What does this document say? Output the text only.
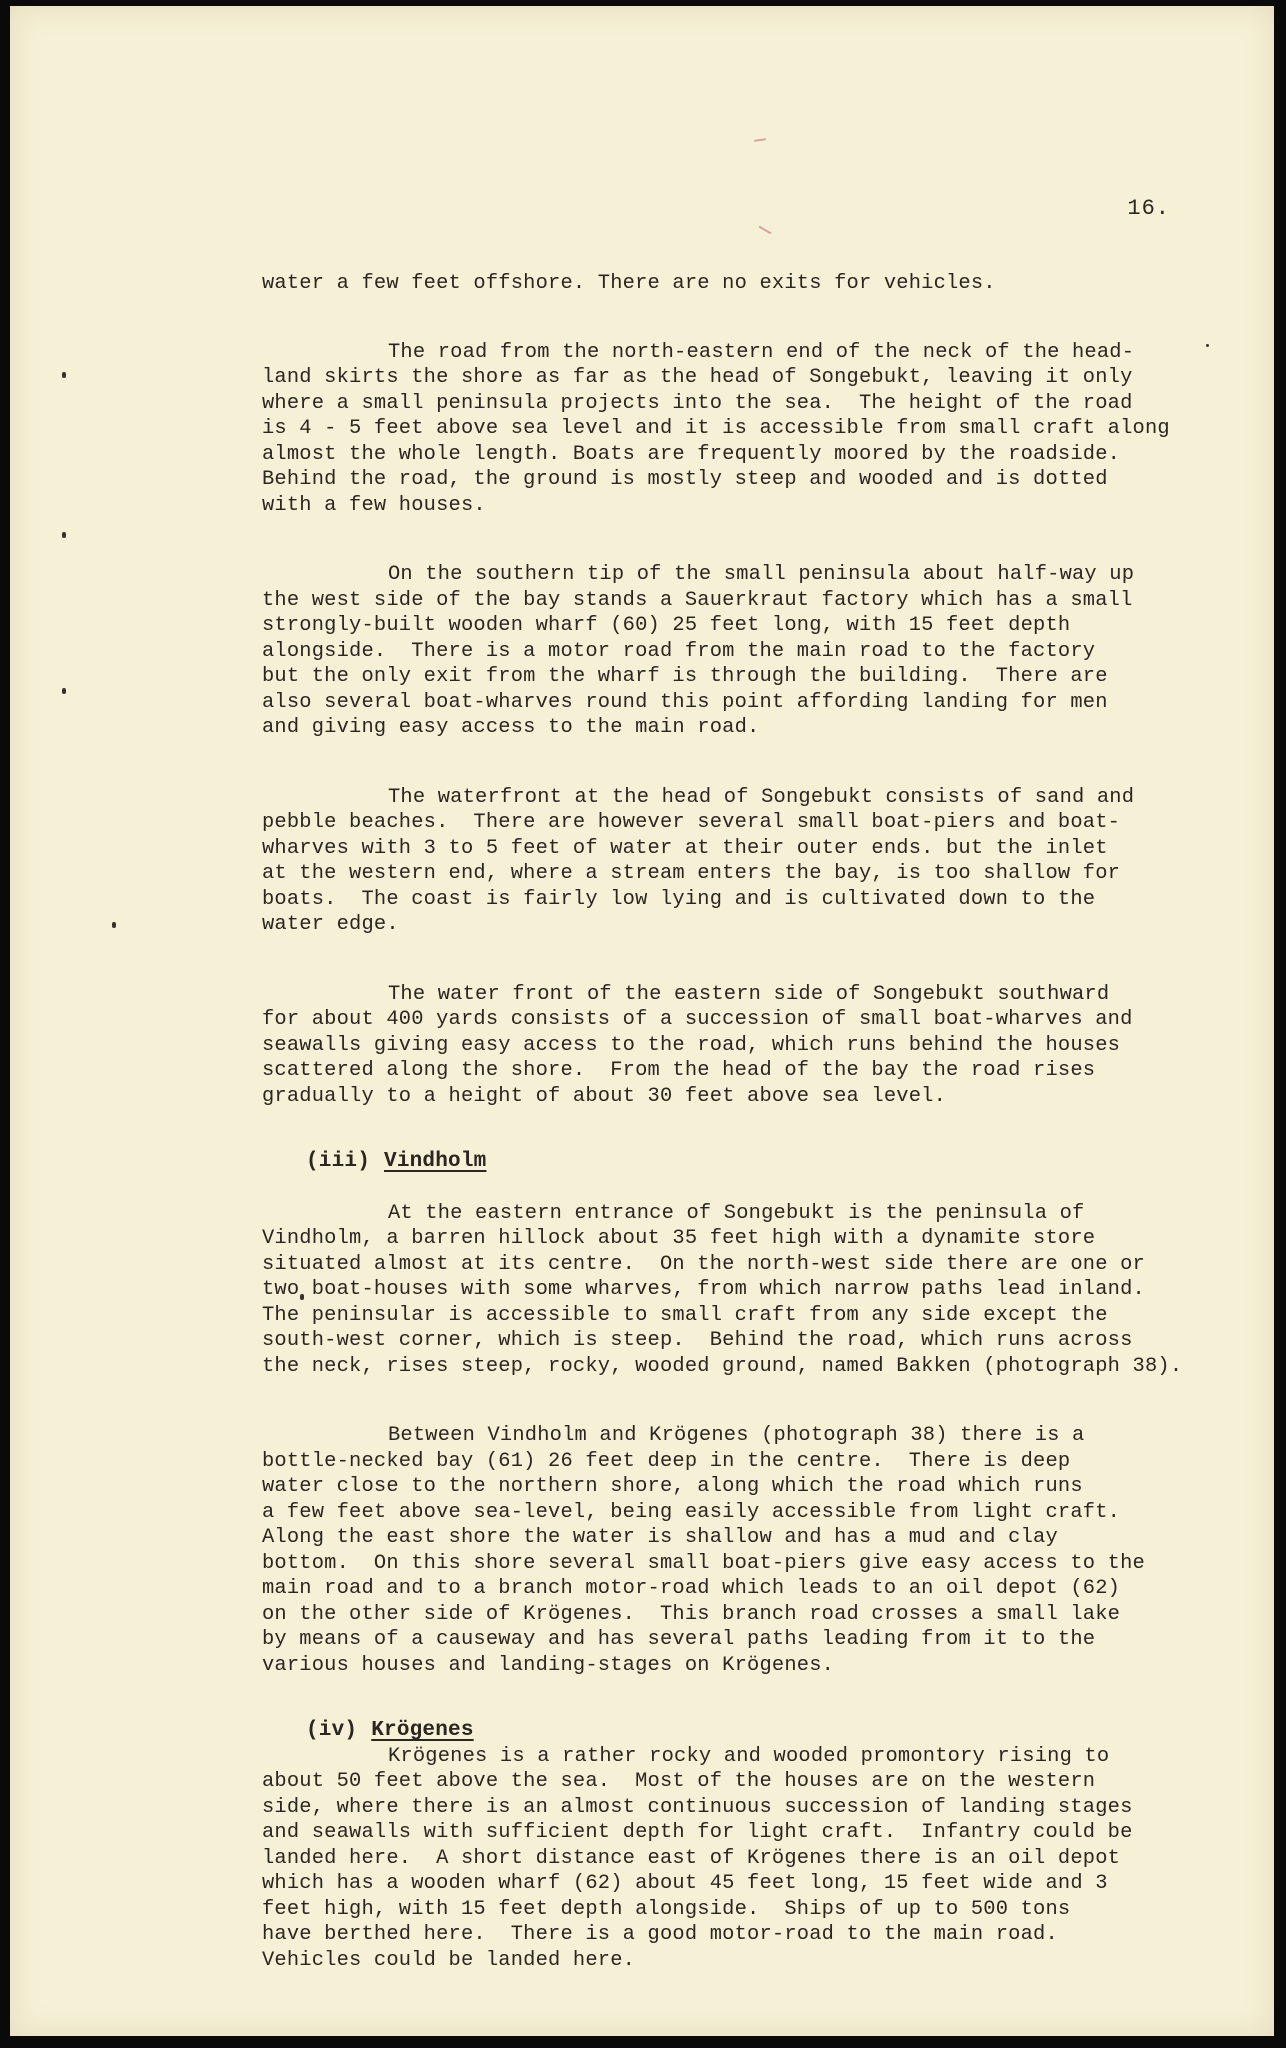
16.
water a few feet offshore. There are no exits for vehicles.
The road from the north-eastern end of the neck of the head-
land skirts the shore as far as the head of Songebukt, leaving it only
where a small peninsula projects into the sea.  The height of the road
is 4 - 5 feet above sea level and it is accessible from small craft along
almost the whole length. Boats are frequently moored by the roadside.
Behind the road, the ground is mostly steep and wooded and is dotted
with a few houses.
On the southern tip of the small peninsula about half-way up
the west side of the bay stands a Sauerkraut factory which has a small
strongly-built wooden wharf (60) 25 feet long, with 15 feet depth
alongside.  There is a motor road from the main road to the factory
but the only exit from the wharf is through the building.  There are
also several boat-wharves round this point affording landing for men
and giving easy access to the main road.
The waterfront at the head of Songebukt consists of sand and
pebble beaches.  There are however several small boat-piers and boat-
wharves with 3 to 5 feet of water at their outer ends. but the inlet
at the western end, where a stream enters the bay, is too shallow for
boats.  The coast is fairly low lying and is cultivated down to the
water edge.
The water front of the eastern side of Songebukt southward
for about 400 yards consists of a succession of small boat-wharves and
seawalls giving easy access to the road, which runs behind the houses
scattered along the shore.  From the head of the bay the road rises
gradually to a height of about 30 feet above sea level.
(iii) Vindholm
At the eastern entrance of Songebukt is the peninsula of
Vindholm, a barren hillock about 35 feet high with a dynamite store
situated almost at its centre.  On the north-west side there are one or
two boat-houses with some wharves, from which narrow paths lead inland.
The peninsular is accessible to small craft from any side except the
south-west corner, which is steep.  Behind the road, which runs across
the neck, rises steep, rocky, wooded ground, named Bakken (photograph 38).
Between Vindholm and Krögenes (photograph 38) there is a
bottle-necked bay (61) 26 feet deep in the centre.  There is deep
water close to the northern shore, along which the road which runs
a few feet above sea-level, being easily accessible from light craft.
Along the east shore the water is shallow and has a mud and clay
bottom.  On this shore several small boat-piers give easy access to the
main road and to a branch motor-road which leads to an oil depot (62)
on the other side of Krögenes.  This branch road crosses a small lake
by means of a causeway and has several paths leading from it to the
various houses and landing-stages on Krögenes.
(iv) Krögenes
Krögenes is a rather rocky and wooded promontory rising to
about 50 feet above the sea.  Most of the houses are on the western
side, where there is an almost continuous succession of landing stages
and seawalls with sufficient depth for light craft.  Infantry could be
landed here.  A short distance east of Krögenes there is an oil depot
which has a wooden wharf (62) about 45 feet long, 15 feet wide and 3
feet high, with 15 feet depth alongside.  Ships of up to 500 tons
have berthed here.  There is a good motor-road to the main road.
Vehicles could be landed here.
